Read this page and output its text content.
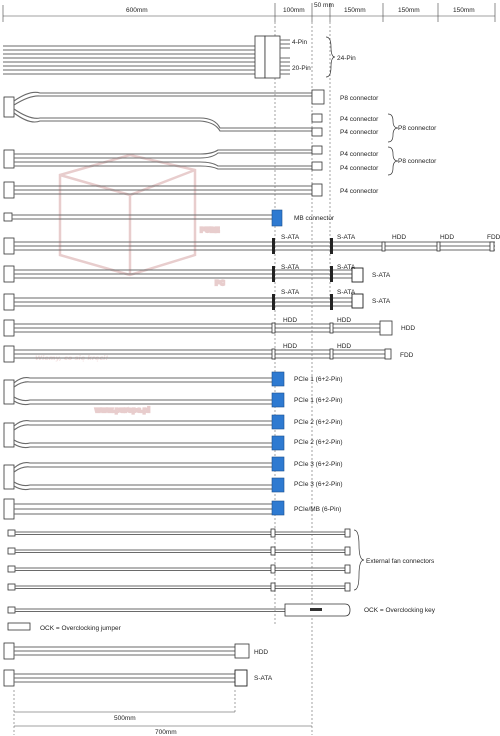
PURE
PC
Wiemy, co się kręci!
www.purepc.pl
600mm	100mm
50 mm
150mm	150mm	150mm
4-Pin
20-Pin
24-Pin
P8 connector
P4 connector
P4 connector
P8 connector
P4 connector
P4 connector
P8 connector
P4 connector
MB connector
S-ATA	S-ATA	HDD	HDD	FDD
S-ATA	S-ATA
S-ATA
S-ATA	S-ATA
S-ATA
HDD	HDD
HDD
HDD	HDD
FDD
PCIe 1 (6+2-Pin)
PCIe 1 (6+2-Pin)
PCIe 2 (6+2-Pin)
PCIe 2 (6+2-Pin)
PCIe 3 (6+2-Pin)
PCIe 3 (6+2-Pin)
PCIe/MB (6-Pin)
External fan connectors
OCK = Overclocking key
OCK = Overclocking jumper
HDD
S-ATA
500mm
700mm
